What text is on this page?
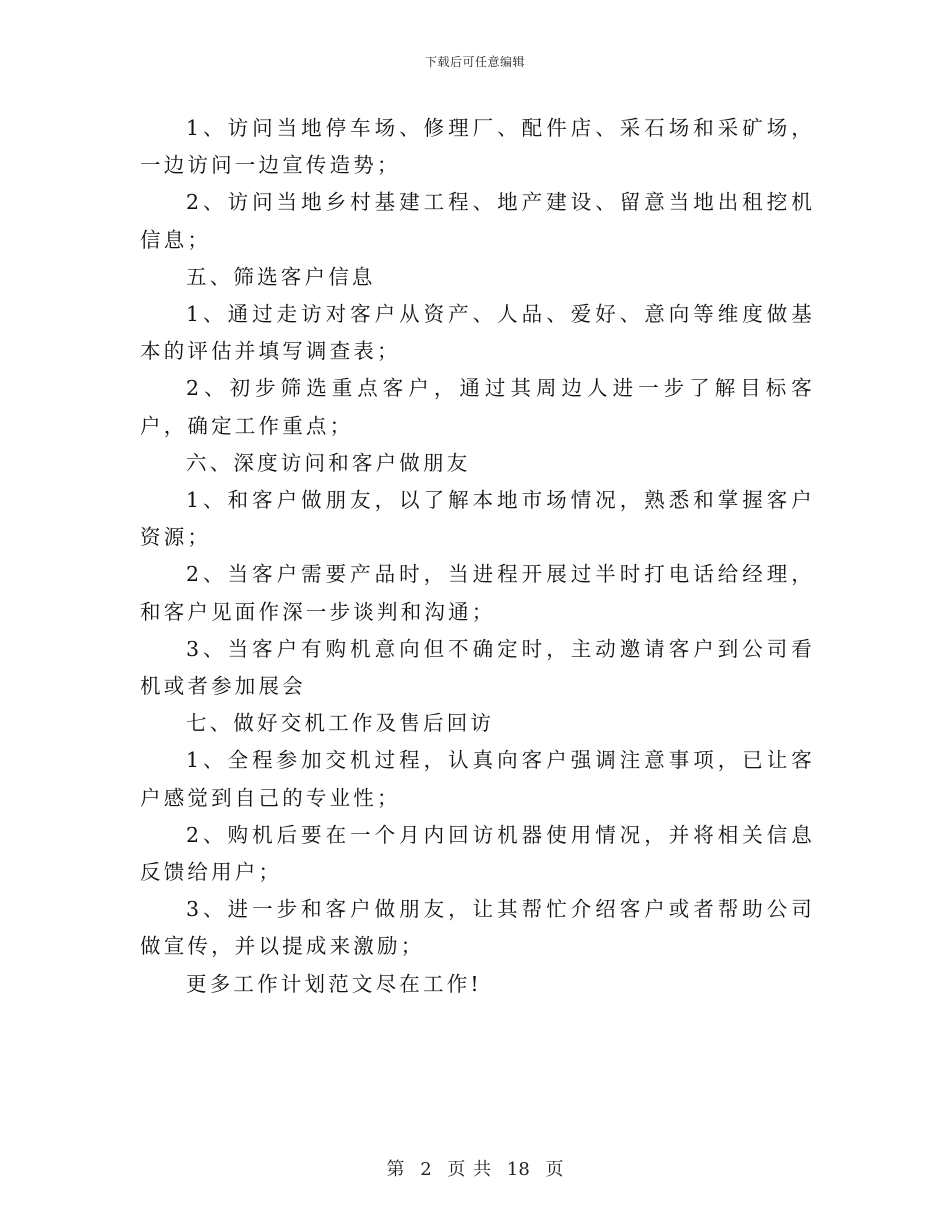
下载后可任意编辑

1、访问当地停车场、修理厂、配件店、采石场和采矿场，一边访问一边宣传造势；

2、访问当地乡村基建工程、地产建设、留意当地出租挖机信息；

五、筛选客户信息

1、通过走访对客户从资产、人品、爱好、意向等维度做基本的评估并填写调查表；

2、初步筛选重点客户，通过其周边人进一步了解目标客户，确定工作重点；

六、深度访问和客户做朋友

1、和客户做朋友，以了解本地市场情况，熟悉和掌握客户资源；

2、当客户需要产品时，当进程开展过半时打电话给经理，和客户见面作深一步谈判和沟通；

3、当客户有购机意向但不确定时，主动邀请客户到公司看机或者参加展会

七、做好交机工作及售后回访

1、全程参加交机过程，认真向客户强调注意事项，已让客户感觉到自己的专业性；

2、购机后要在一个月内回访机器使用情况，并将相关信息反馈给用户；

3、进一步和客户做朋友，让其帮忙介绍客户或者帮助公司做宣传，并以提成来激励；

更多工作计划范文尽在工作!

第 2 页 共 18 页
